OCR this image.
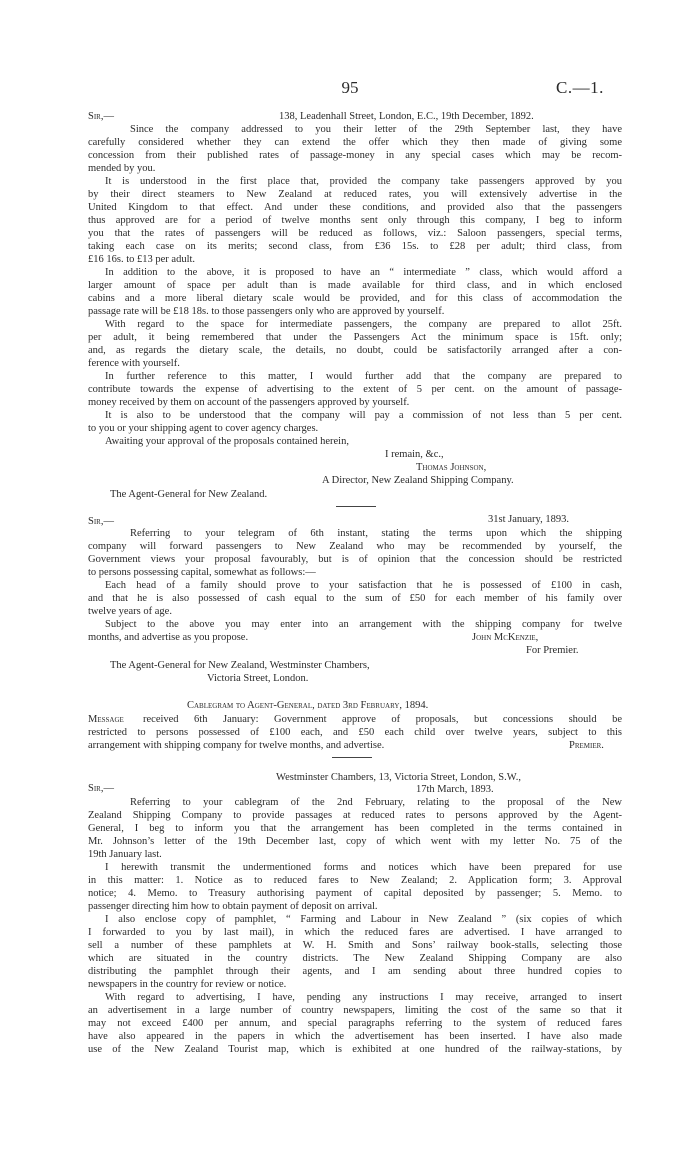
95	C.—1.
Sir,—	138, Leadenhall Street, London, E.C., 19th December, 1892.
Since the company addressed to you their letter of the 29th September last, they have
carefully considered whether they can extend the offer which they then made of giving some
concession from their published rates of passage-money in any special cases which may be recom-
mended by you.
It is understood in the first place that, provided the company take passengers approved by you
by their direct steamers to New Zealand at reduced rates, you will extensively advertise in the
United Kingdom to that effect. And under these conditions, and provided also that the passengers
thus approved are for a period of twelve months sent only through this company, I beg to inform
you that the rates of passengers will be reduced as follows, viz.: Saloon passengers, special terms,
taking each case on its merits; second class, from £36 15s. to £28 per adult; third class, from
£16 16s. to £13 per adult.
In addition to the above, it is proposed to have an “ intermediate ” class, which would afford a
larger amount of space per adult than is made available for third class, and in which enclosed
cabins and a more liberal dietary scale would be provided, and for this class of accommodation the
passage rate will be £18 18s. to those passengers only who are approved by yourself.
With regard to the space for intermediate passengers, the company are prepared to allot 25ft.
per adult, it being remembered that under the Passengers Act the minimum space is 15ft. only;
and, as regards the dietary scale, the details, no doubt, could be satisfactorily arranged after a con-
ference with yourself.
In further reference to this matter, I would further add that the company are prepared to
contribute towards the expense of advertising to the extent of 5 per cent. on the amount of passage-
money received by them on account of the passengers approved by yourself.
It is also to be understood that the company will pay a commission of not less than 5 per cent.
to you or your shipping agent to cover agency charges.
Awaiting your approval of the proposals contained herein,
I remain, &c.,
Thomas Johnson,
A Director, New Zealand Shipping Company.
The Agent-General for New Zealand.
Sir,—	31st January, 1893.
Referring to your telegram of 6th instant, stating the terms upon which the shipping
company will forward passengers to New Zealand who may be recommended by yourself, the
Government views your proposal favourably, but is of opinion that the concession should be restricted
to persons possessing capital, somewhat as follows:—
Each head of a family should prove to your satisfaction that he is possessed of £100 in cash,
and that he is also possessed of cash equal to the sum of £50 for each member of his family over
twelve years of age.
Subject to the above you may enter into an arrangement with the shipping company for twelve
months, and advertise as you propose.	John McKenzie,
For Premier.
The Agent-General for New Zealand, Westminster Chambers,
Victoria Street, London.
Cablegram to Agent-General, dated 3rd February, 1894.
Message received 6th January: Government approve of proposals, but concessions should be
restricted to persons possessed of £100 each, and £50 each child over twelve years, subject to this
arrangement with shipping company for twelve months, and advertise.	Premier.
Westminster Chambers, 13, Victoria Street, London, S.W.,
Sir,—	17th March, 1893.
Referring to your cablegram of the 2nd February, relating to the proposal of the New
Zealand Shipping Company to provide passages at reduced rates to persons approved by the Agent-
General, I beg to inform you that the arrangement has been completed in the terms contained in
Mr. Johnson’s letter of the 19th December last, copy of which went with my letter No. 75 of the
19th January last.
I herewith transmit the undermentioned forms and notices which have been prepared for use
in this matter: 1. Notice as to reduced fares to New Zealand; 2. Application form; 3. Approval
notice; 4. Memo. to Treasury authorising payment of capital deposited by passenger; 5. Memo. to
passenger directing him how to obtain payment of deposit on arrival.
I also enclose copy of pamphlet, “ Farming and Labour in New Zealand ” (six copies of which
I forwarded to you by last mail), in which the reduced fares are advertised. I have arranged to
sell a number of these pamphlets at W. H. Smith and Sons’ railway book-stalls, selecting those
which are situated in the country districts. The New Zealand Shipping Company are also
distributing the pamphlet through their agents, and I am sending about three hundred copies to
newspapers in the country for review or notice.
With regard to advertising, I have, pending any instructions I may receive, arranged to insert
an advertisement in a large number of country newspapers, limiting the cost of the same so that it
may not exceed £400 per annum, and special paragraphs referring to the system of reduced fares
have also appeared in the papers in which the advertisement has been inserted. I have also made
use of the New Zealand Tourist map, which is exhibited at one hundred of the railway-stations, by
